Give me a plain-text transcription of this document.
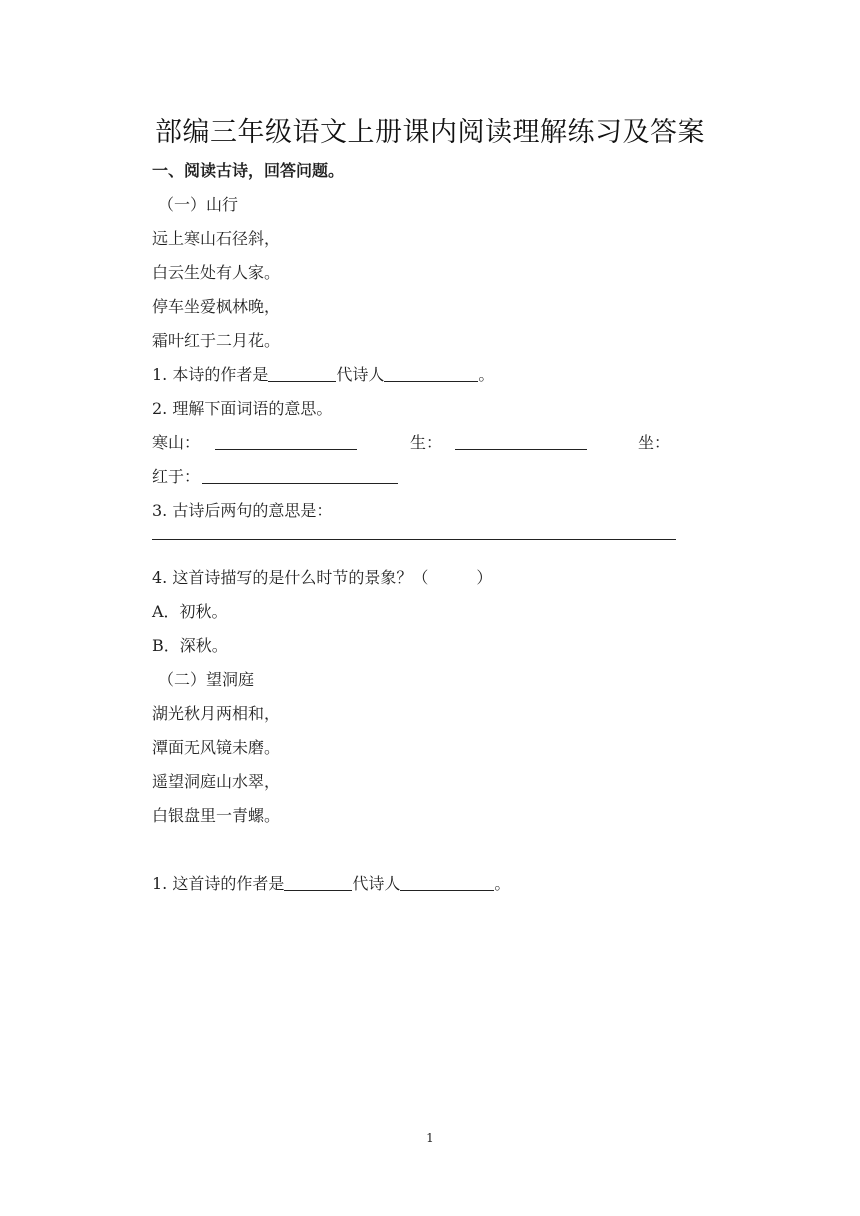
部编三年级语文上册课内阅读理解练习及答案
一、阅读古诗，回答问题。
（一）山行
远上寒山石径斜，
白云生处有人家。
停车坐爱枫林晚，
霜叶红于二月花。
1. 本诗的作者是	代诗人	。
2. 理解下面词语的意思。
寒山：	生：	坐：
红于：
3. 古诗后两句的意思是：
4. 这首诗描写的是什么时节的景象？（　　　）
A．初秋。
B．深秋。
（二）望洞庭
湖光秋月两相和，
潭面无风镜未磨。
遥望洞庭山水翠，
白银盘里一青螺。
1. 这首诗的作者是	代诗人	。
1
